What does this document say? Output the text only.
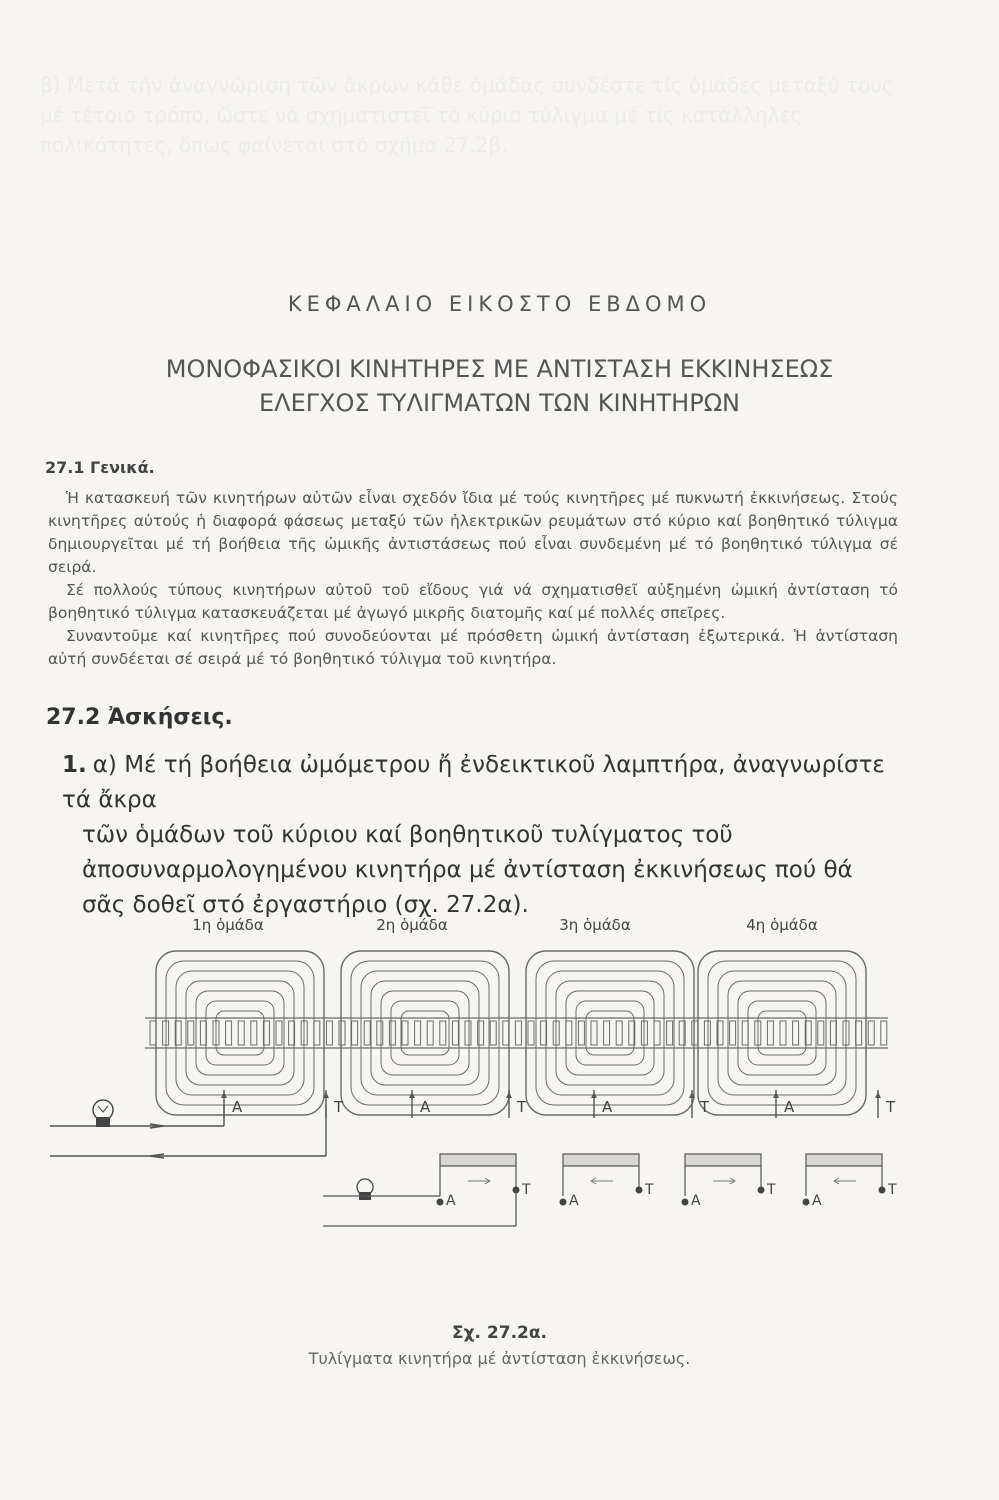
β) Μετά τήν ἀναγνώριση τῶν ἄκρων κάθε ὁμάδας συνδέστε τίς ὁμάδες μεταξύ τους
μέ τέτοιο τρόπο, ὥστε νά σχηματιστεῖ τό κύριο τύλιγμα μέ τίς κατάλληλες
πολικότητες, ὅπως φαίνεται στό σχῆμα 27.2β.
ΚΕΦΑΛΑΙΟ ΕΙΚΟΣΤΟ ΕΒΔΟΜΟ
ΜΟΝΟΦΑΣΙΚΟΙ ΚΙΝΗΤΗΡΕΣ ΜΕ ΑΝΤΙΣΤΑΣΗ ΕΚΚΙΝΗΣΕΩΣ
ΕΛΕΓΧΟΣ ΤΥΛΙΓΜΑΤΩΝ ΤΩΝ ΚΙΝΗΤΗΡΩΝ
27.1 Γενικά.

Ἡ κατασκευή τῶν κινητήρων αὐτῶν εἶναι σχεδόν ἴδια μέ τούς κινητῆρες μέ πυκνωτή ἐκκινήσεως. Στούς κινητῆρες αὐτούς ἡ διαφορά φάσεως μεταξύ τῶν ἠλεκτρικῶν ρευμάτων στό κύριο καί βοηθητικό τύλιγμα δημιουργεῖται μέ τή βοήθεια τῆς ὠμικῆς ἀντιστάσεως πού εἶναι συνδεμένη μέ τό βοηθητικό τύλιγμα σέ σειρά.

Σέ πολλούς τύπους κινητήρων αὐτοῦ τοῦ εἴδους γιά νά σχηματισθεῖ αὐξημένη ὠμική ἀντίσταση τό βοηθητικό τύλιγμα κατασκευάζεται μέ ἀγωγό μικρῆς διατομῆς καί μέ πολλές σπεῖρες.

Συναντοῦμε καί κινητῆρες πού συνοδεύονται μέ πρόσθετη ὠμική ἀντίσταση ἐξωτερικά. Ἡ ἀντίσταση αὐτή συνδέεται σέ σειρά μέ τό βοηθητικό τύλιγμα τοῦ κινητήρα.

27.2 Ἀσκήσεις.
1. α) Μέ τή βοήθεια ὠμόμετρου ἤ ἐνδεικτικοῦ λαμπτήρα, ἀναγνωρίστε τά ἄκρα
τῶν ὁμάδων τοῦ κύριου καί βοηθητικοῦ τυλίγματος τοῦ ἀποσυναρμολογημένου κινητήρα μέ ἀντίσταση ἐκκινήσεως πού θά σᾶς δοθεῖ στό ἐργαστήριο (σχ. 27.2α).
Α	Τ	Α	Τ	Α	Τ	Α	Τ
1η ὁμάδα	2η ὁμάδα	3η ὁμάδα	4η ὁμάδα
Α
Τ
Α
Τ
Α
Τ
Α
Τ
Σχ. 27.2α.
Τυλίγματα κινητήρα μέ ἀντίσταση ἐκκινήσεως.
